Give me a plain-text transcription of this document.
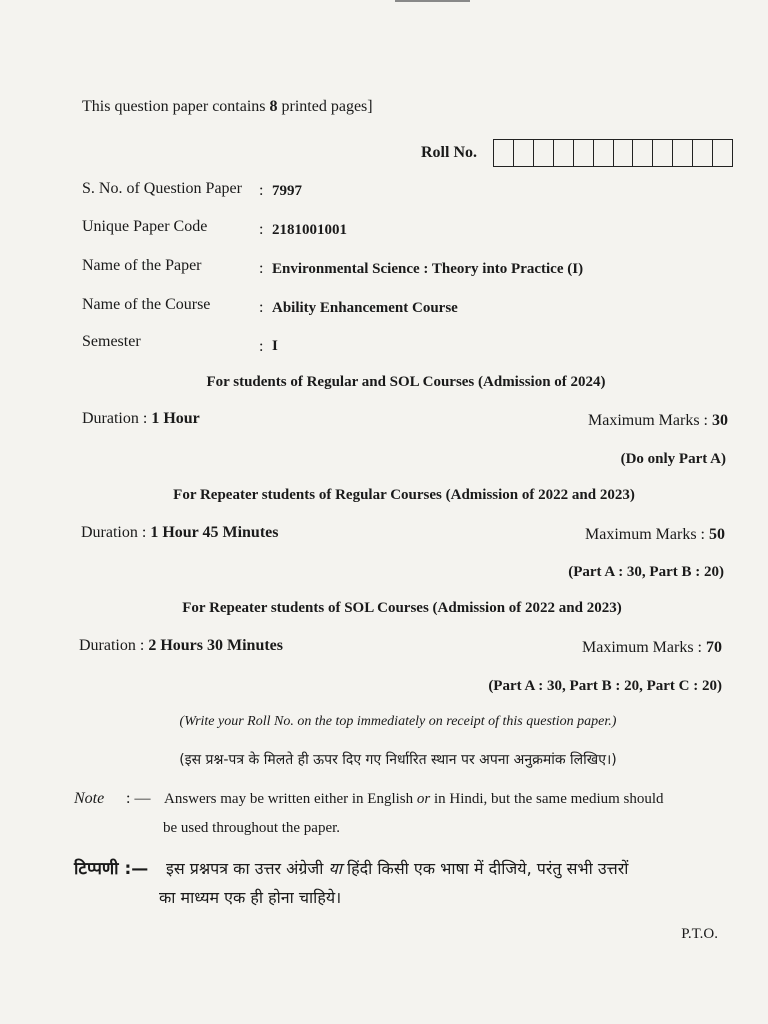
This question paper contains 8 printed pages]
Roll No.
S. No. of Question Paper : 7997
Unique Paper Code	: 2181001001
Name of the Paper	: Environmental Science : Theory into Practice (I)
Name of the Course	: Ability Enhancement Course
Semester	: I
For students of Regular and SOL Courses (Admission of 2024)
Duration : 1 Hour	Maximum Marks : 30
(Do only Part A)
For Repeater students of Regular Courses (Admission of 2022 and 2023)
Duration : 1 Hour 45 Minutes	Maximum Marks : 50
(Part A : 30, Part B : 20)
For Repeater students of SOL Courses (Admission of 2022 and 2023)
Duration : 2 Hours 30 Minutes	Maximum Marks : 70
(Part A : 30, Part B : 20, Part C : 20)
(Write your Roll No. on the top immediately on receipt of this question paper.)
(इस प्रश्न-पत्र के मिलते ही ऊपर दिए गए निर्धारित स्थान पर अपना अनुक्रमांक लिखिए।)
Note : — Answers may be written either in English or in Hindi, but the same medium should
be used throughout the paper.
टिप्पणी :— इस प्रश्नपत्र का उत्तर अंग्रेजी या हिंदी किसी एक भाषा में दीजिये, परंतु सभी उत्तरों
का माध्यम एक ही होना चाहिये।
P.T.O.
